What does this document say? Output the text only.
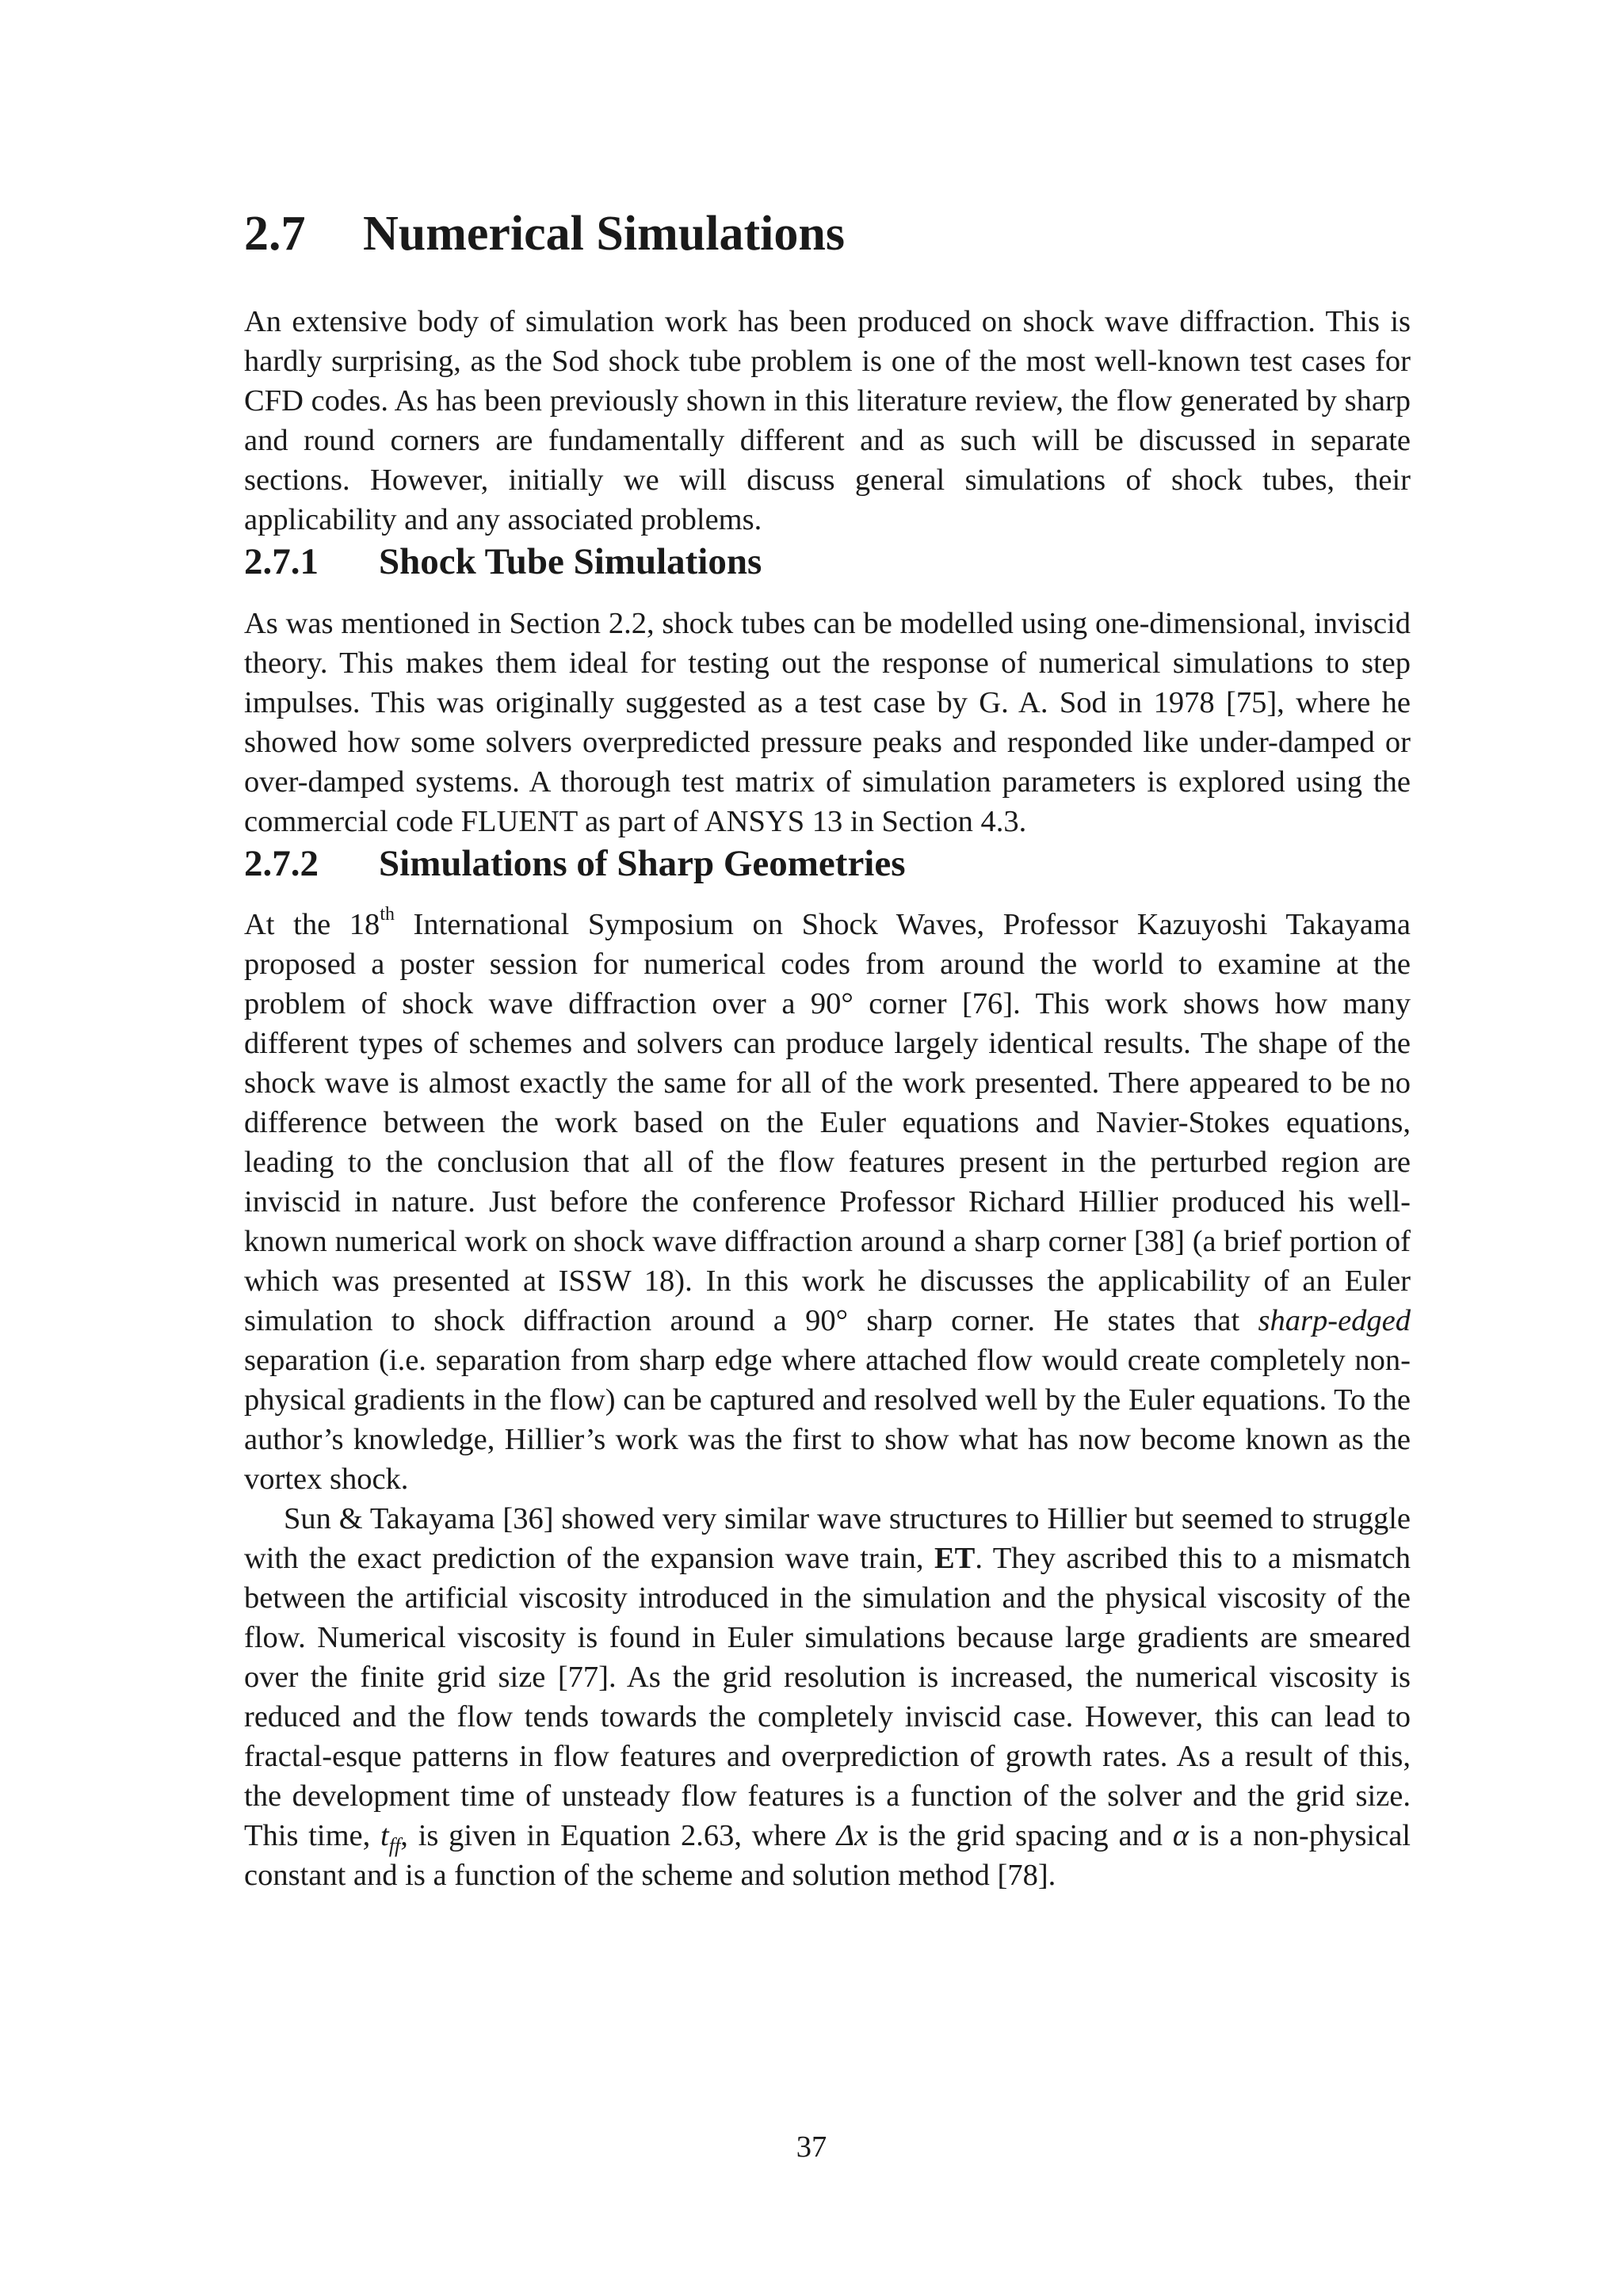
2.7 Numerical Simulations

An extensive body of simulation work has been produced on shock wave diffraction. This is hardly surprising, as the Sod shock tube problem is one of the most well-known test cases for CFD codes. As has been previously shown in this literature review, the flow generated by sharp and round corners are fundamentally different and as such will be discussed in separate sections. However, initially we will discuss general simulations of shock tubes, their applicability and any associated problems.

2.7.1 Shock Tube Simulations

As was mentioned in Section 2.2, shock tubes can be modelled using one-dimensional, inviscid theory. This makes them ideal for testing out the response of numerical simulations to step impulses. This was originally suggested as a test case by G. A. Sod in 1978 [75], where he showed how some solvers overpredicted pressure peaks and responded like under-damped or over-damped systems. A thorough test matrix of simulation parameters is explored using the commercial code FLUENT as part of ANSYS 13 in Section 4.3.

2.7.2 Simulations of Sharp Geometries

At the 18th International Symposium on Shock Waves, Professor Kazuyoshi Takayama proposed a poster session for numerical codes from around the world to examine at the problem of shock wave diffraction over a 90° corner [76]. This work shows how many different types of schemes and solvers can produce largely identical results. The shape of the shock wave is almost exactly the same for all of the work presented. There appeared to be no difference between the work based on the Euler equations and Navier-Stokes equations, leading to the conclusion that all of the flow features present in the perturbed region are inviscid in nature. Just before the conference Professor Richard Hillier produced his well-known numerical work on shock wave diffraction around a sharp corner [38] (a brief portion of which was presented at ISSW 18). In this work he discusses the applicability of an Euler simulation to shock diffraction around a 90° sharp corner. He states that sharp-edged separation (i.e. separation from sharp edge where attached flow would create completely non-physical gradients in the flow) can be captured and resolved well by the Euler equations. To the author’s knowledge, Hillier’s work was the first to show what has now become known as the vortex shock.

Sun & Takayama [36] showed very similar wave structures to Hillier but seemed to struggle with the exact prediction of the expansion wave train, ET. They ascribed this to a mismatch between the artificial viscosity introduced in the simulation and the physical viscosity of the flow. Numerical viscosity is found in Euler simulations because large gradients are smeared over the finite grid size [77]. As the grid resolution is increased, the numerical viscosity is reduced and the flow tends towards the completely inviscid case. However, this can lead to fractal-esque patterns in flow features and overprediction of growth rates. As a result of this, the development time of unsteady flow features is a function of the solver and the grid size. This time, $t_{ff}$, is given in Equation 2.63, where Δx is the grid spacing and α is a non-physical constant and is a function of the scheme and solution method [78].

37
